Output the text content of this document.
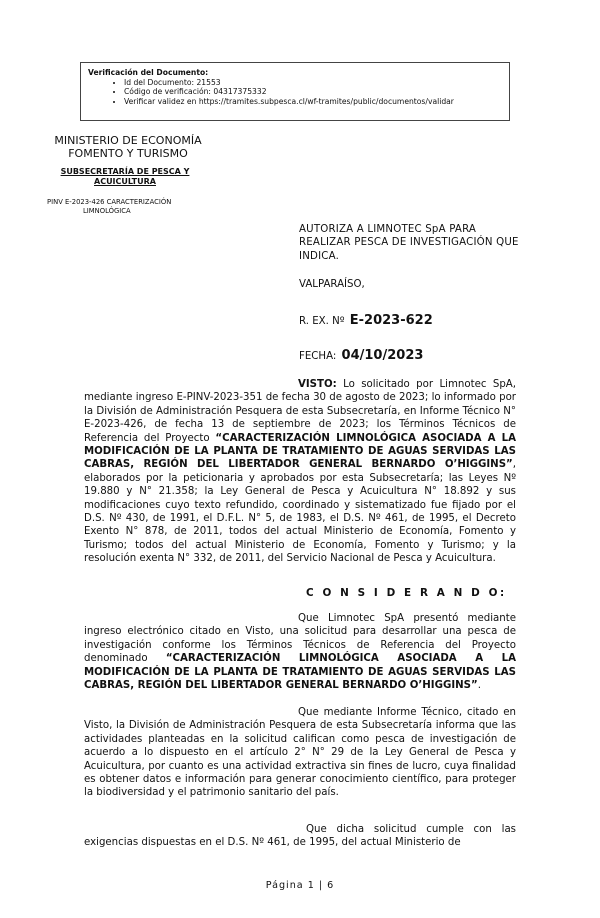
Verificación del Documento:
• Id del Documento: 21553
• Código de verificación: 04317375332
• Verificar validez en https://tramites.subpesca.cl/wf-tramites/public/documentos/validar
MINISTERIO DE ECONOMÍA
FOMENTO Y TURISMO
SUBSECRETARÍA DE PESCA Y
ACUICULTURA
PINV E-2023-426 CARACTERIZACIÓN
LIMNOLÓGICA
AUTORIZA A LIMNOTEC SpA PARA REALIZAR PESCA DE INVESTIGACIÓN QUE INDICA.
VALPARAÍSO,
R. EX. Nº E-2023-622
FECHA: 04/10/2023
VISTO: Lo solicitado por Limnotec SpA, mediante ingreso E-PINV-2023-351 de fecha 30 de agosto de 2023; lo informado por la División de Administración Pesquera de esta Subsecretaría, en Informe Técnico N° E-2023-426, de fecha 13 de septiembre de 2023; los Términos Técnicos de Referencia del Proyecto “CARACTERIZACIÓN LIMNOLÓGICA ASOCIADA A LA MODIFICACIÓN DE LA PLANTA DE TRATAMIENTO DE AGUAS SERVIDAS LAS CABRAS, REGIÓN DEL LIBERTADOR GENERAL BERNARDO O’HIGGINS”, elaborados por la peticionaria y aprobados por esta Subsecretaría; las Leyes Nº 19.880 y N° 21.358; la Ley General de Pesca y Acuicultura N° 18.892 y sus modificaciones cuyo texto refundido, coordinado y sistematizado fue fijado por el D.S. Nº 430, de 1991, el D.F.L. N° 5, de 1983, el D.S. Nº 461, de 1995, el Decreto Exento N° 878, de 2011, todos del actual Ministerio de Economía, Fomento y Turismo; todos del actual Ministerio de Economía, Fomento y Turismo; y la resolución exenta N° 332, de 2011, del Servicio Nacional de Pesca y Acuicultura.
C O N S I D E R A N D O:
Que Limnotec SpA presentó mediante ingreso electrónico citado en Visto, una solicitud para desarrollar una pesca de investigación conforme los Términos Técnicos de Referencia del Proyecto denominado “CARACTERIZACIÓN LIMNOLÓGICA ASOCIADA A LA MODIFICACIÓN DE LA PLANTA DE TRATAMIENTO DE AGUAS SERVIDAS LAS CABRAS, REGIÓN DEL LIBERTADOR GENERAL BERNARDO O’HIGGINS”.
Que mediante Informe Técnico, citado en Visto, la División de Administración Pesquera de esta Subsecretaría informa que las actividades planteadas en la solicitud califican como pesca de investigación de acuerdo a lo dispuesto en el artículo 2° N° 29 de la Ley General de Pesca y Acuicultura, por cuanto es una actividad extractiva sin fines de lucro, cuya finalidad es obtener datos e información para generar conocimiento científico, para proteger la biodiversidad y el patrimonio sanitario del país.
Que dicha solicitud cumple con las exigencias dispuestas en el D.S. Nº 461, de 1995, del actual Ministerio de
Página 1 | 6
